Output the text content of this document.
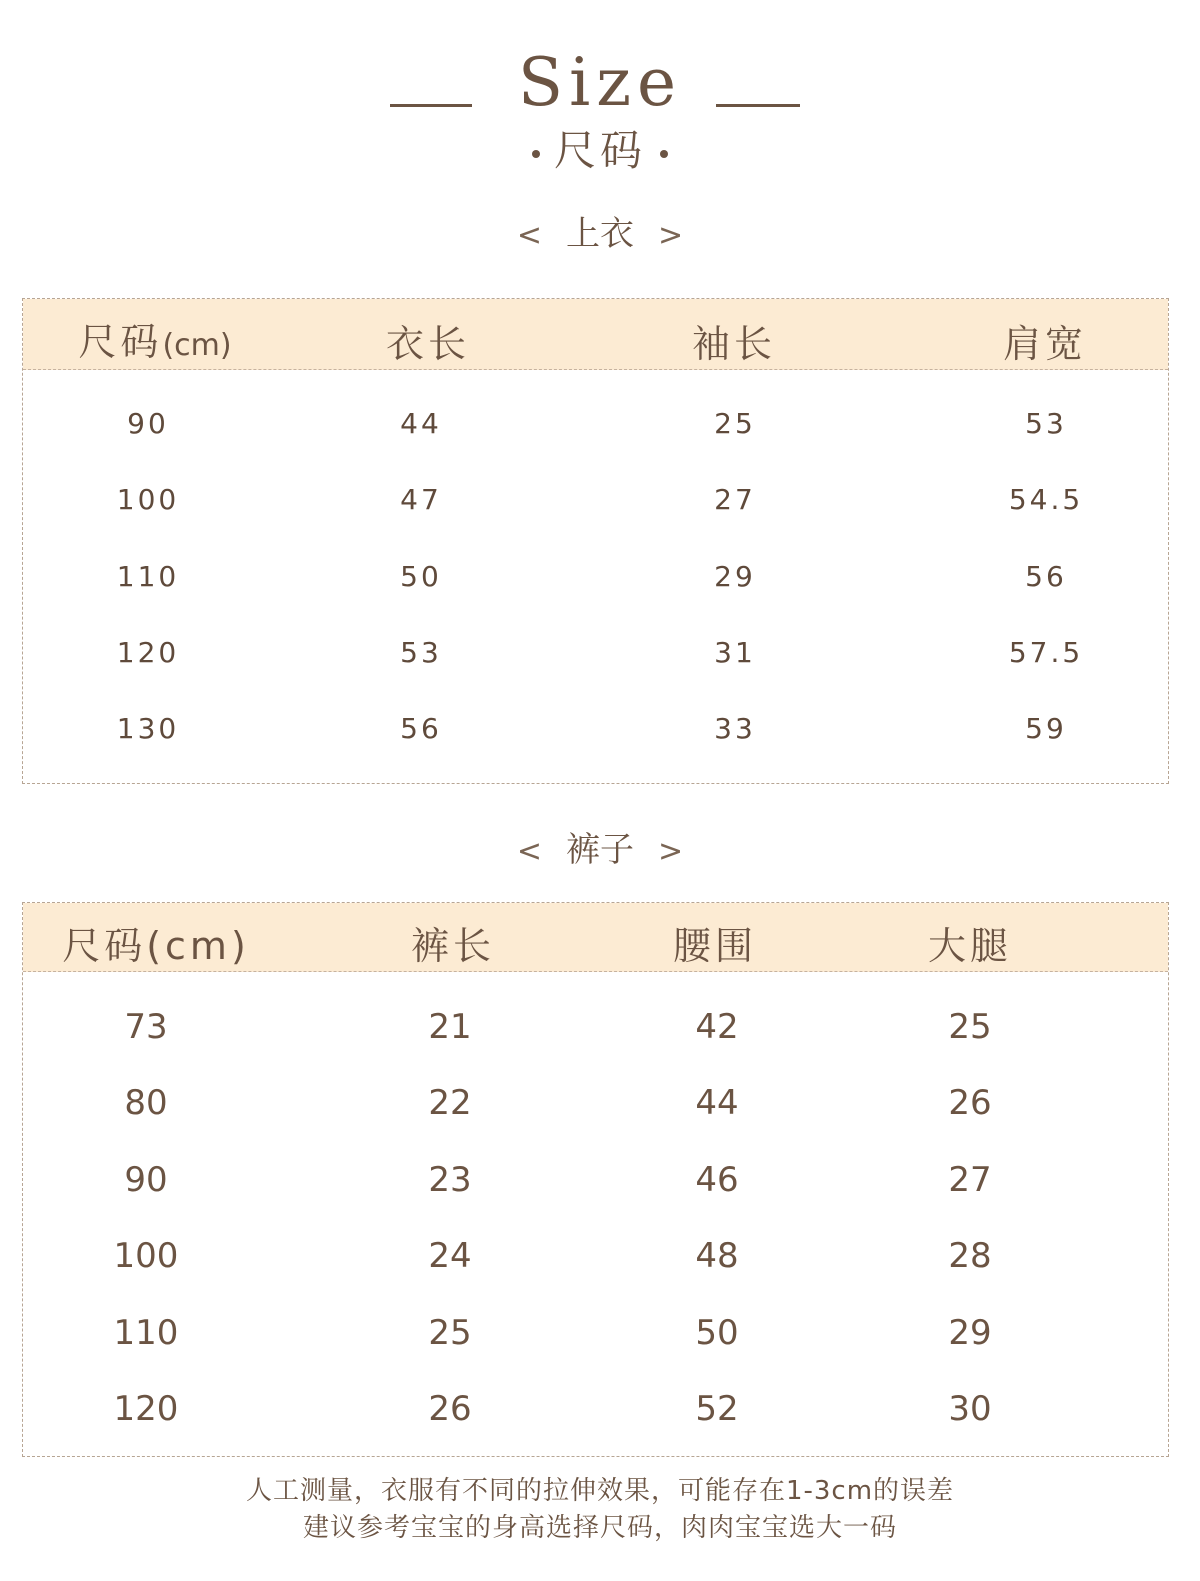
Size
尺码
< 上衣 >
尺码(cm)	衣长	袖长	肩宽
90	44	25	53
100	47	27	54.5
110	50	29	56
120	53	31	57.5
130	56	33	59
< 裤子 >
尺码(cm)	裤长	腰围	大腿
73	21	42	25
80	22	44	26
90	23	46	27
100	24	48	28
110	25	50	29
120	26	52	30
人工测量，衣服有不同的拉伸效果，可能存在1-3cm的误差
建议参考宝宝的身高选择尺码，肉肉宝宝选大一码
